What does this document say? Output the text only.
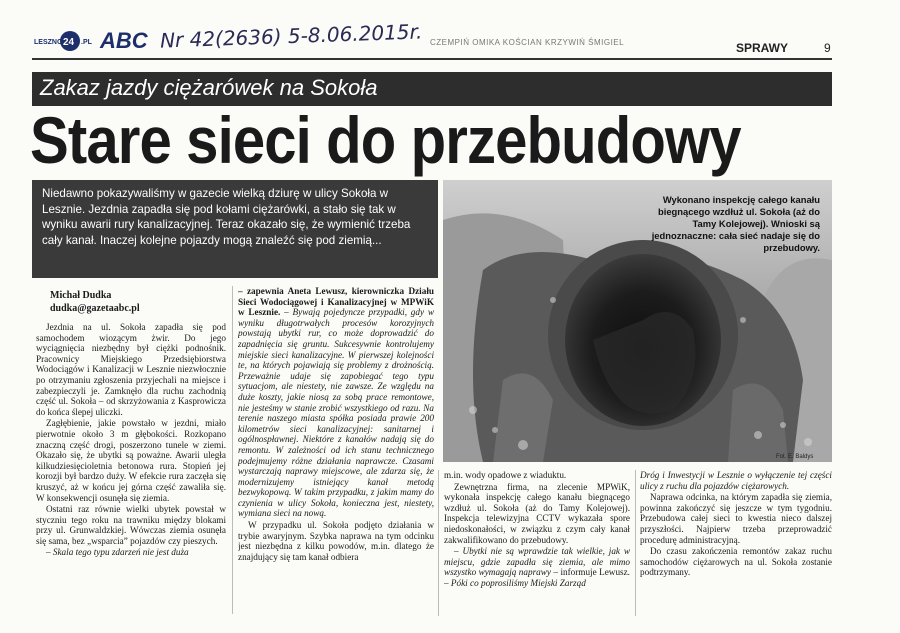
LESZNO 24 .PL ABC Nr 42(2636) 5-8.06.2015r. CZEMPIŃ OMIKA KOŚCIAN KRZYWIŃ ŚMIGIEL	SPRAWY	9
Zakaz jazdy ciężarówek na Sokoła
Stare sieci do przebudowy

Niedawno pokazywaliśmy w gazecie wielką dziurę w ulicy Sokoła w Lesznie. Jezdnia zapadła się pod kołami ciężarówki, a stało się tak w wyniku awarii rury kanalizacyjnej. Teraz okazało się, że wymienić trzeba cały kanał. Inaczej kolejne pojazdy mogą znaleźć się pod ziemią...

Wykonano inspekcję całego kanału biegnącego wzdłuż ul. Sokoła (aż do Tamy Kolejowej). Wnioski są jednoznaczne: cała sieć nadaje się do przebudowy.
Fot. E. Baldys
Michał Dudka
dudka@gazetaabc.pl

Jezdnia na ul. Sokoła zapadła się pod samochodem wiozącym żwir. Do jego wyciągnięcia niezbędny był ciężki podnośnik. Pracownicy Miejskiego Przedsiębiorstwa Wodociągów i Kanalizacji w Lesznie niezwłocznie po otrzymaniu zgłoszenia przyjechali na miejsce i zabezpieczyli je. Zamknęło dla ruchu zachodnią część ul. Sokoła – od skrzyżowania z Kasprowicza do końca ślepej uliczki.

Zagłębienie, jakie powstało w jezdni, miało pierwotnie około 3 m głębokości. Rozkopano znaczną część drogi, poszerzono tunele w ziemi. Okazało się, że ubytki są poważne. Awarii uległa kilkudziesięcioletnia betonowa rura. Stopień jej korozji był bardzo duży. W efekcie rura zaczęła się kruszyć, aż w końcu jej górna część zawaliła się. W konsekwencji osunęła się ziemia.

Ostatni raz równie wielki ubytek powstał w styczniu tego roku na trawniku między blokami przy ul. Grunwaldzkiej. Wówczas ziemia osunęła się sama, bez „wsparcia” pojazdów czy pieszych.

– Skala tego typu zdarzeń nie jest duża

– zapewnia Aneta Lewusz, kierowniczka Działu Sieci Wodociągowej i Kanalizacyjnej w MPWiK w Lesznie. – Bywają pojedyncze przypadki, gdy w wyniku długotrwałych procesów korozyjnych powstają ubytki rur, co może doprowadzić do zapadnięcia się gruntu. Sukcesywnie kontrolujemy miejskie sieci kanalizacyjne. W pierwszej kolejności te, na których pojawiają się problemy z drożnością. Przeważnie udaje się zapobiegać tego typu sytuacjom, ale niestety, nie zawsze. Ze względu na duże koszty, jakie niosą za sobą prace remontowe, nie jesteśmy w stanie zrobić wszystkiego od razu. Na terenie naszego miasta spółka posiada prawie 200 kilometrów sieci kanalizacyjnej: sanitarnej i ogólnospławnej. Niektóre z kanałów nadają się do remontu. W zależności od ich stanu technicznego podejmujemy różne działania naprawcze. Czasami wystarczają naprawy miejscowe, ale zdarza się, że modernizujemy istniejący kanał metodą bezwykopową. W takim przypadku, z jakim mamy do czynienia w ulicy Sokoła, konieczna jest, niestety, wymiana sieci na nową.

W przypadku ul. Sokoła podjęto działania w trybie awaryjnym. Szybka naprawa na tym odcinku jest niezbędna z kilku powodów, m.in. dlatego że znajdujący się tam kanał odbiera

m.in. wody opadowe z wiaduktu.

Zewnętrzna firma, na zlecenie MPWiK, wykonała inspekcję całego kanału biegnącego wzdłuż ul. Sokoła (aż do Tamy Kolejowej). Inspekcja telewizyjna CCTV wykazała spore niedoskonałości, w związku z czym cały kanał zakwalifikowano do przebudowy.

– Ubytki nie są wprawdzie tak wielkie, jak w miejscu, gdzie zapadła się ziemia, ale mimo wszystko wymagają naprawy – informuje Lewusz. – Póki co poprosiliśmy Miejski Zarząd

Dróg i Inwestycji w Lesznie o wyłączenie tej części ulicy z ruchu dla pojazdów ciężarowych.

Naprawa odcinka, na którym zapadła się ziemia, powinna zakończyć się jeszcze w tym tygodniu. Przebudowa całej sieci to kwestia nieco dalszej przyszłości. Najpierw trzeba przeprowadzić procedurę administracyjną.

Do czasu zakończenia remontów zakaz ruchu samochodów ciężarowych na ul. Sokoła zostanie podtrzymany.
